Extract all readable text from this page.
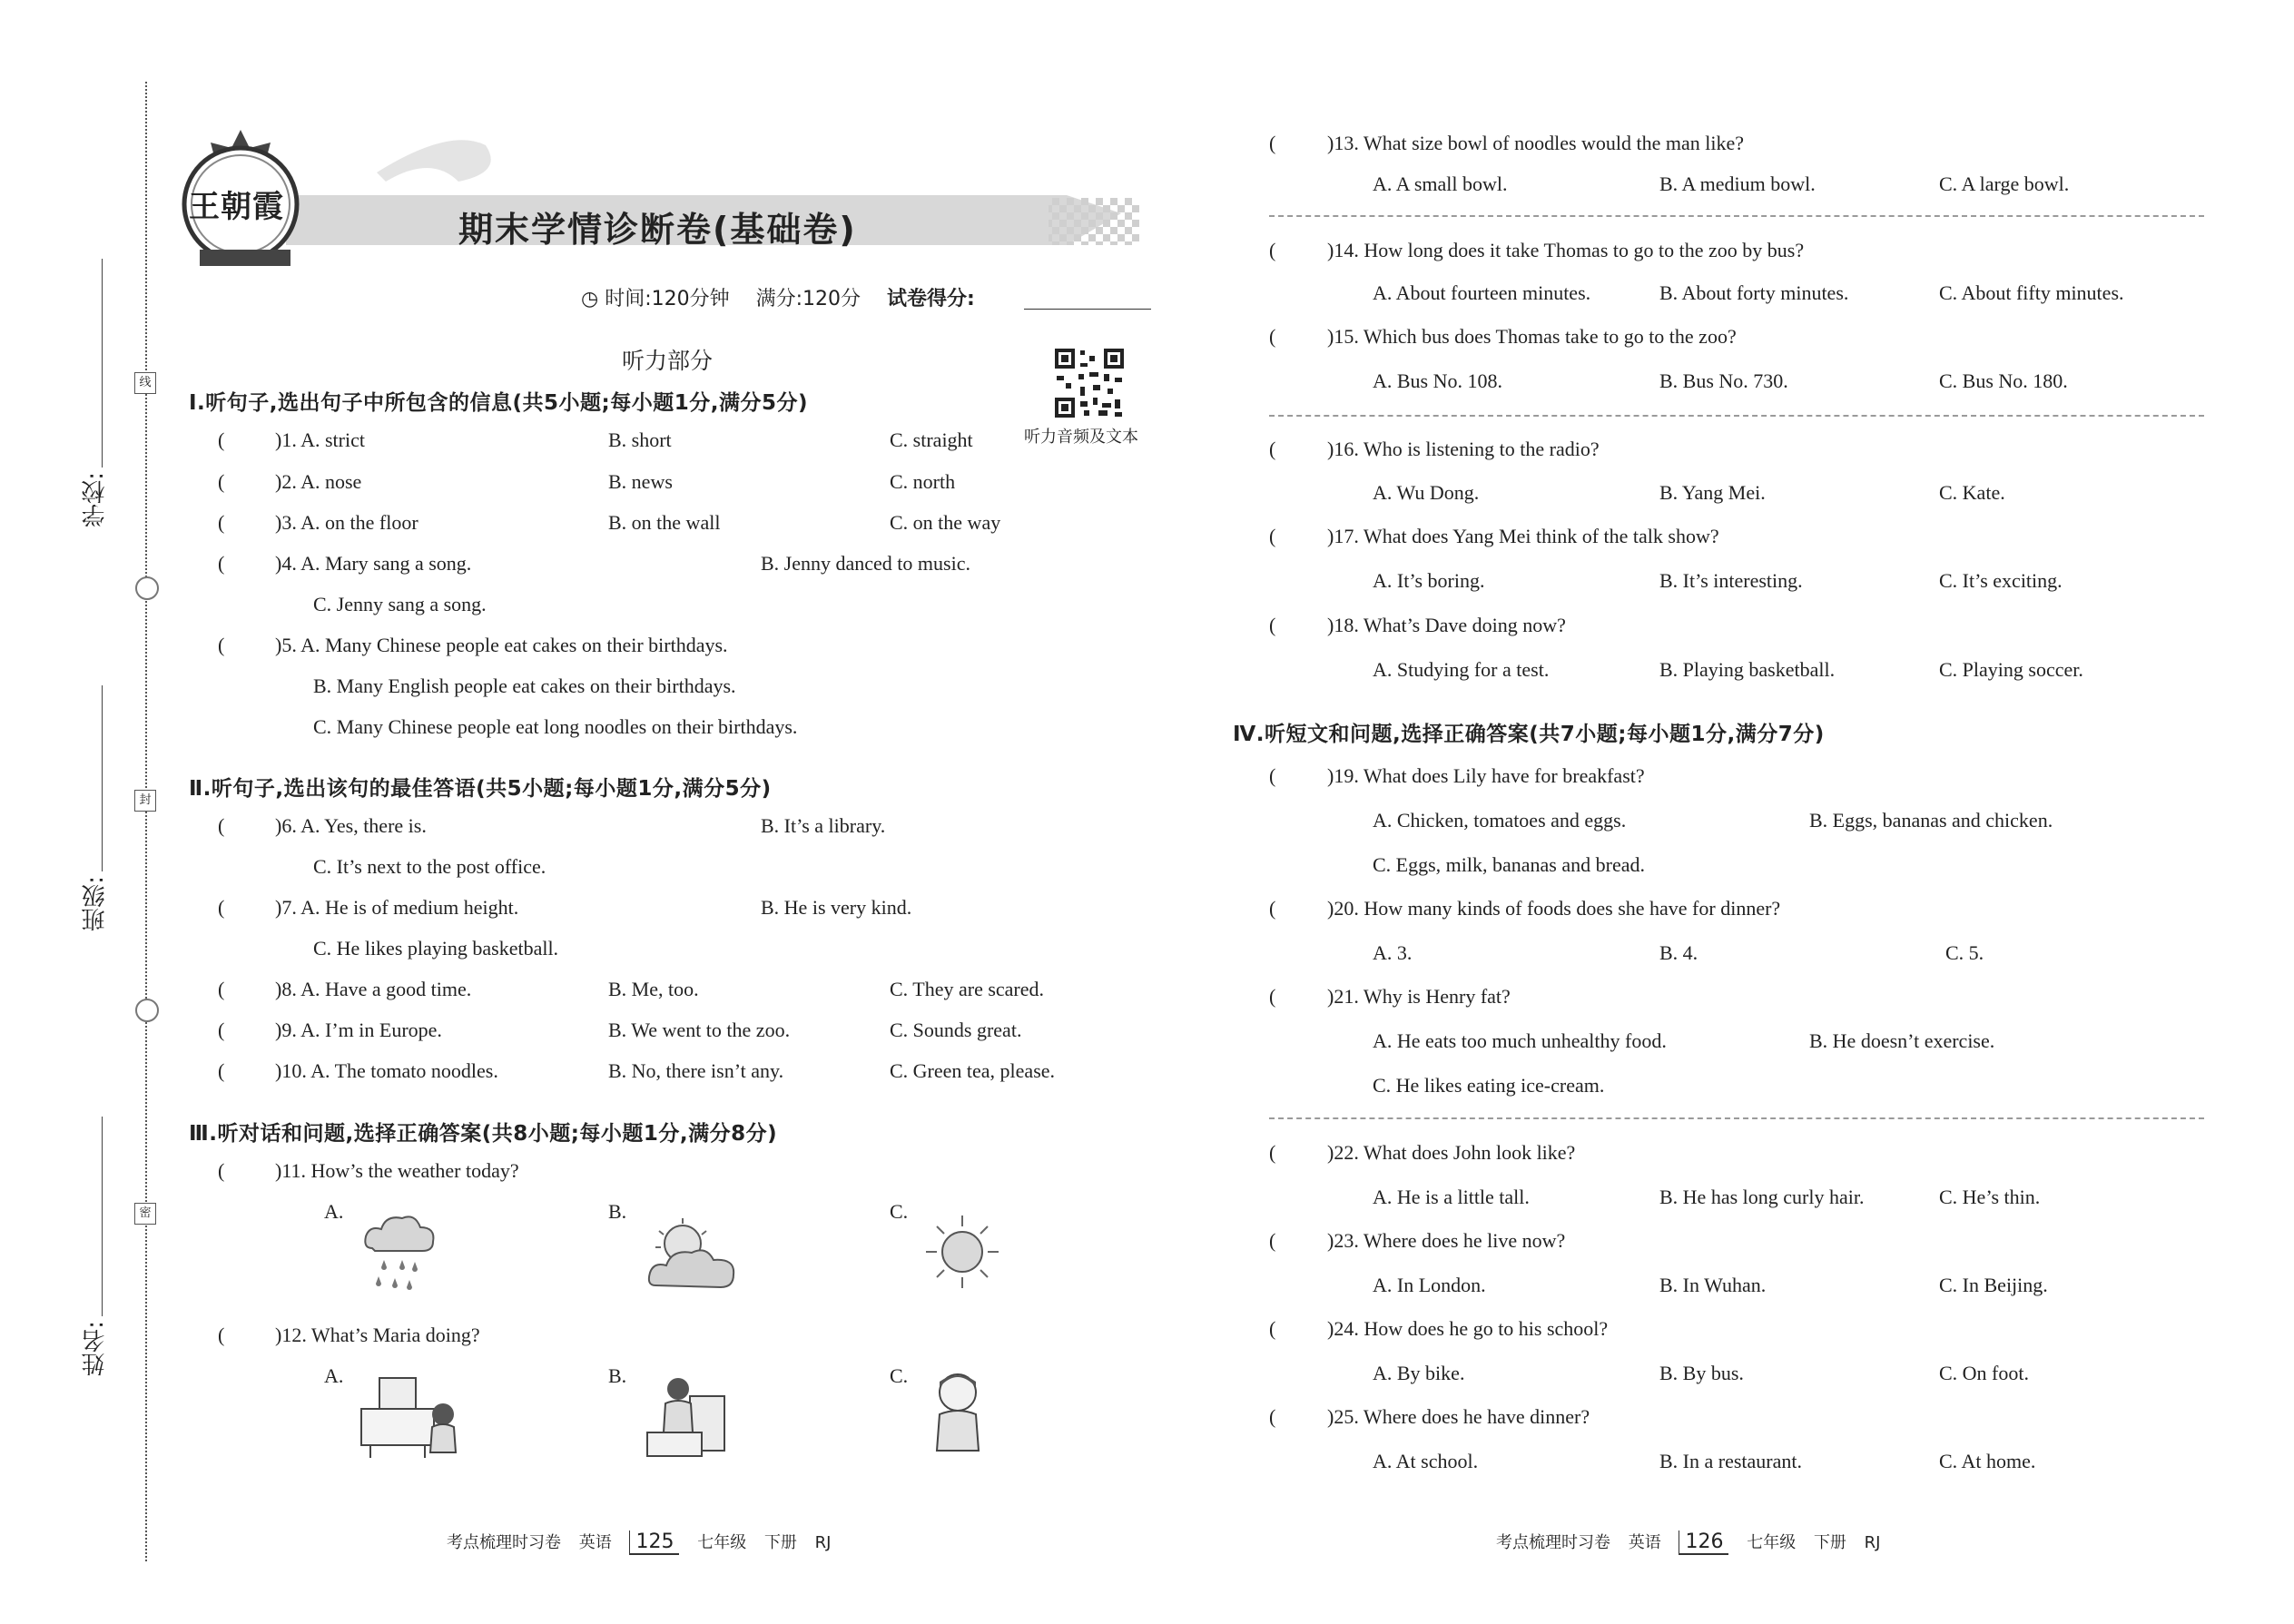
线
封
密
学校:
班级:
姓名:
王朝霞
期末学情诊断卷(基础卷)
◷ 时间:120分钟 满分:120分 试卷得分:
听力部分
听力音频及文本
Ⅰ.听句子,选出句子中所包含的信息(共5小题;每小题1分,满分5分)
(	)1. A. strict	B. short	C. straight
(	)2. A. nose	B. news	C. north
(	)3. A. on the floor	B. on the wall	C. on the way
(	)4. A. Mary sang a song.	B. Jenny danced to music.
C. Jenny sang a song.
(	)5. A. Many Chinese people eat cakes on their birthdays.
B. Many English people eat cakes on their birthdays.
C. Many Chinese people eat long noodles on their birthdays.
Ⅱ.听句子,选出该句的最佳答语(共5小题;每小题1分,满分5分)
(	)6. A. Yes, there is.	B. It’s a library.
C. It’s next to the post office.
(	)7. A. He is of medium height.	B. He is very kind.
C. He likes playing basketball.
(	)8. A. Have a good time.	B. Me, too.	C. They are scared.
(	)9. A. I’m in Europe.	B. We went to the zoo.	C. Sounds great.
(	)10. A. The tomato noodles.	B. No, there isn’t any.	C. Green tea, please.
Ⅲ.听对话和问题,选择正确答案(共8小题;每小题1分,满分8分)
(	)11. How’s the weather today?
A.	B.	C.
(	)12. What’s Maria doing?
A.	B.	C.
考点梳理时习卷 英语 125 七年级 下册 RJ
(	)13. What size bowl of noodles would the man like?
A. A small bowl.	B. A medium bowl.	C. A large bowl.
(	)14. How long does it take Thomas to go to the zoo by bus?
A. About fourteen minutes.	B. About forty minutes.	C. About fifty minutes.
(	)15. Which bus does Thomas take to go to the zoo?
A. Bus No. 108.	B. Bus No. 730.	C. Bus No. 180.
(	)16. Who is listening to the radio?
A. Wu Dong.	B. Yang Mei.	C. Kate.
(	)17. What does Yang Mei think of the talk show?
A. It’s boring.	B. It’s interesting.	C. It’s exciting.
(	)18. What’s Dave doing now?
A. Studying for a test.	B. Playing basketball.	C. Playing soccer.
Ⅳ.听短文和问题,选择正确答案(共7小题;每小题1分,满分7分)
(	)19. What does Lily have for breakfast?
A. Chicken, tomatoes and eggs.	B. Eggs, bananas and chicken.
C. Eggs, milk, bananas and bread.
(	)20. How many kinds of foods does she have for dinner?
A. 3.	B. 4.	C. 5.
(	)21. Why is Henry fat?
A. He eats too much unhealthy food.	B. He doesn’t exercise.
C. He likes eating ice-cream.
(	)22. What does John look like?
A. He is a little tall.	B. He has long curly hair.	C. He’s thin.
(	)23. Where does he live now?
A. In London.	B. In Wuhan.	C. In Beijing.
(	)24. How does he go to his school?
A. By bike.	B. By bus.	C. On foot.
(	)25. Where does he have dinner?
A. At school.	B. In a restaurant.	C. At home.
考点梳理时习卷 英语 126 七年级 下册 RJ
